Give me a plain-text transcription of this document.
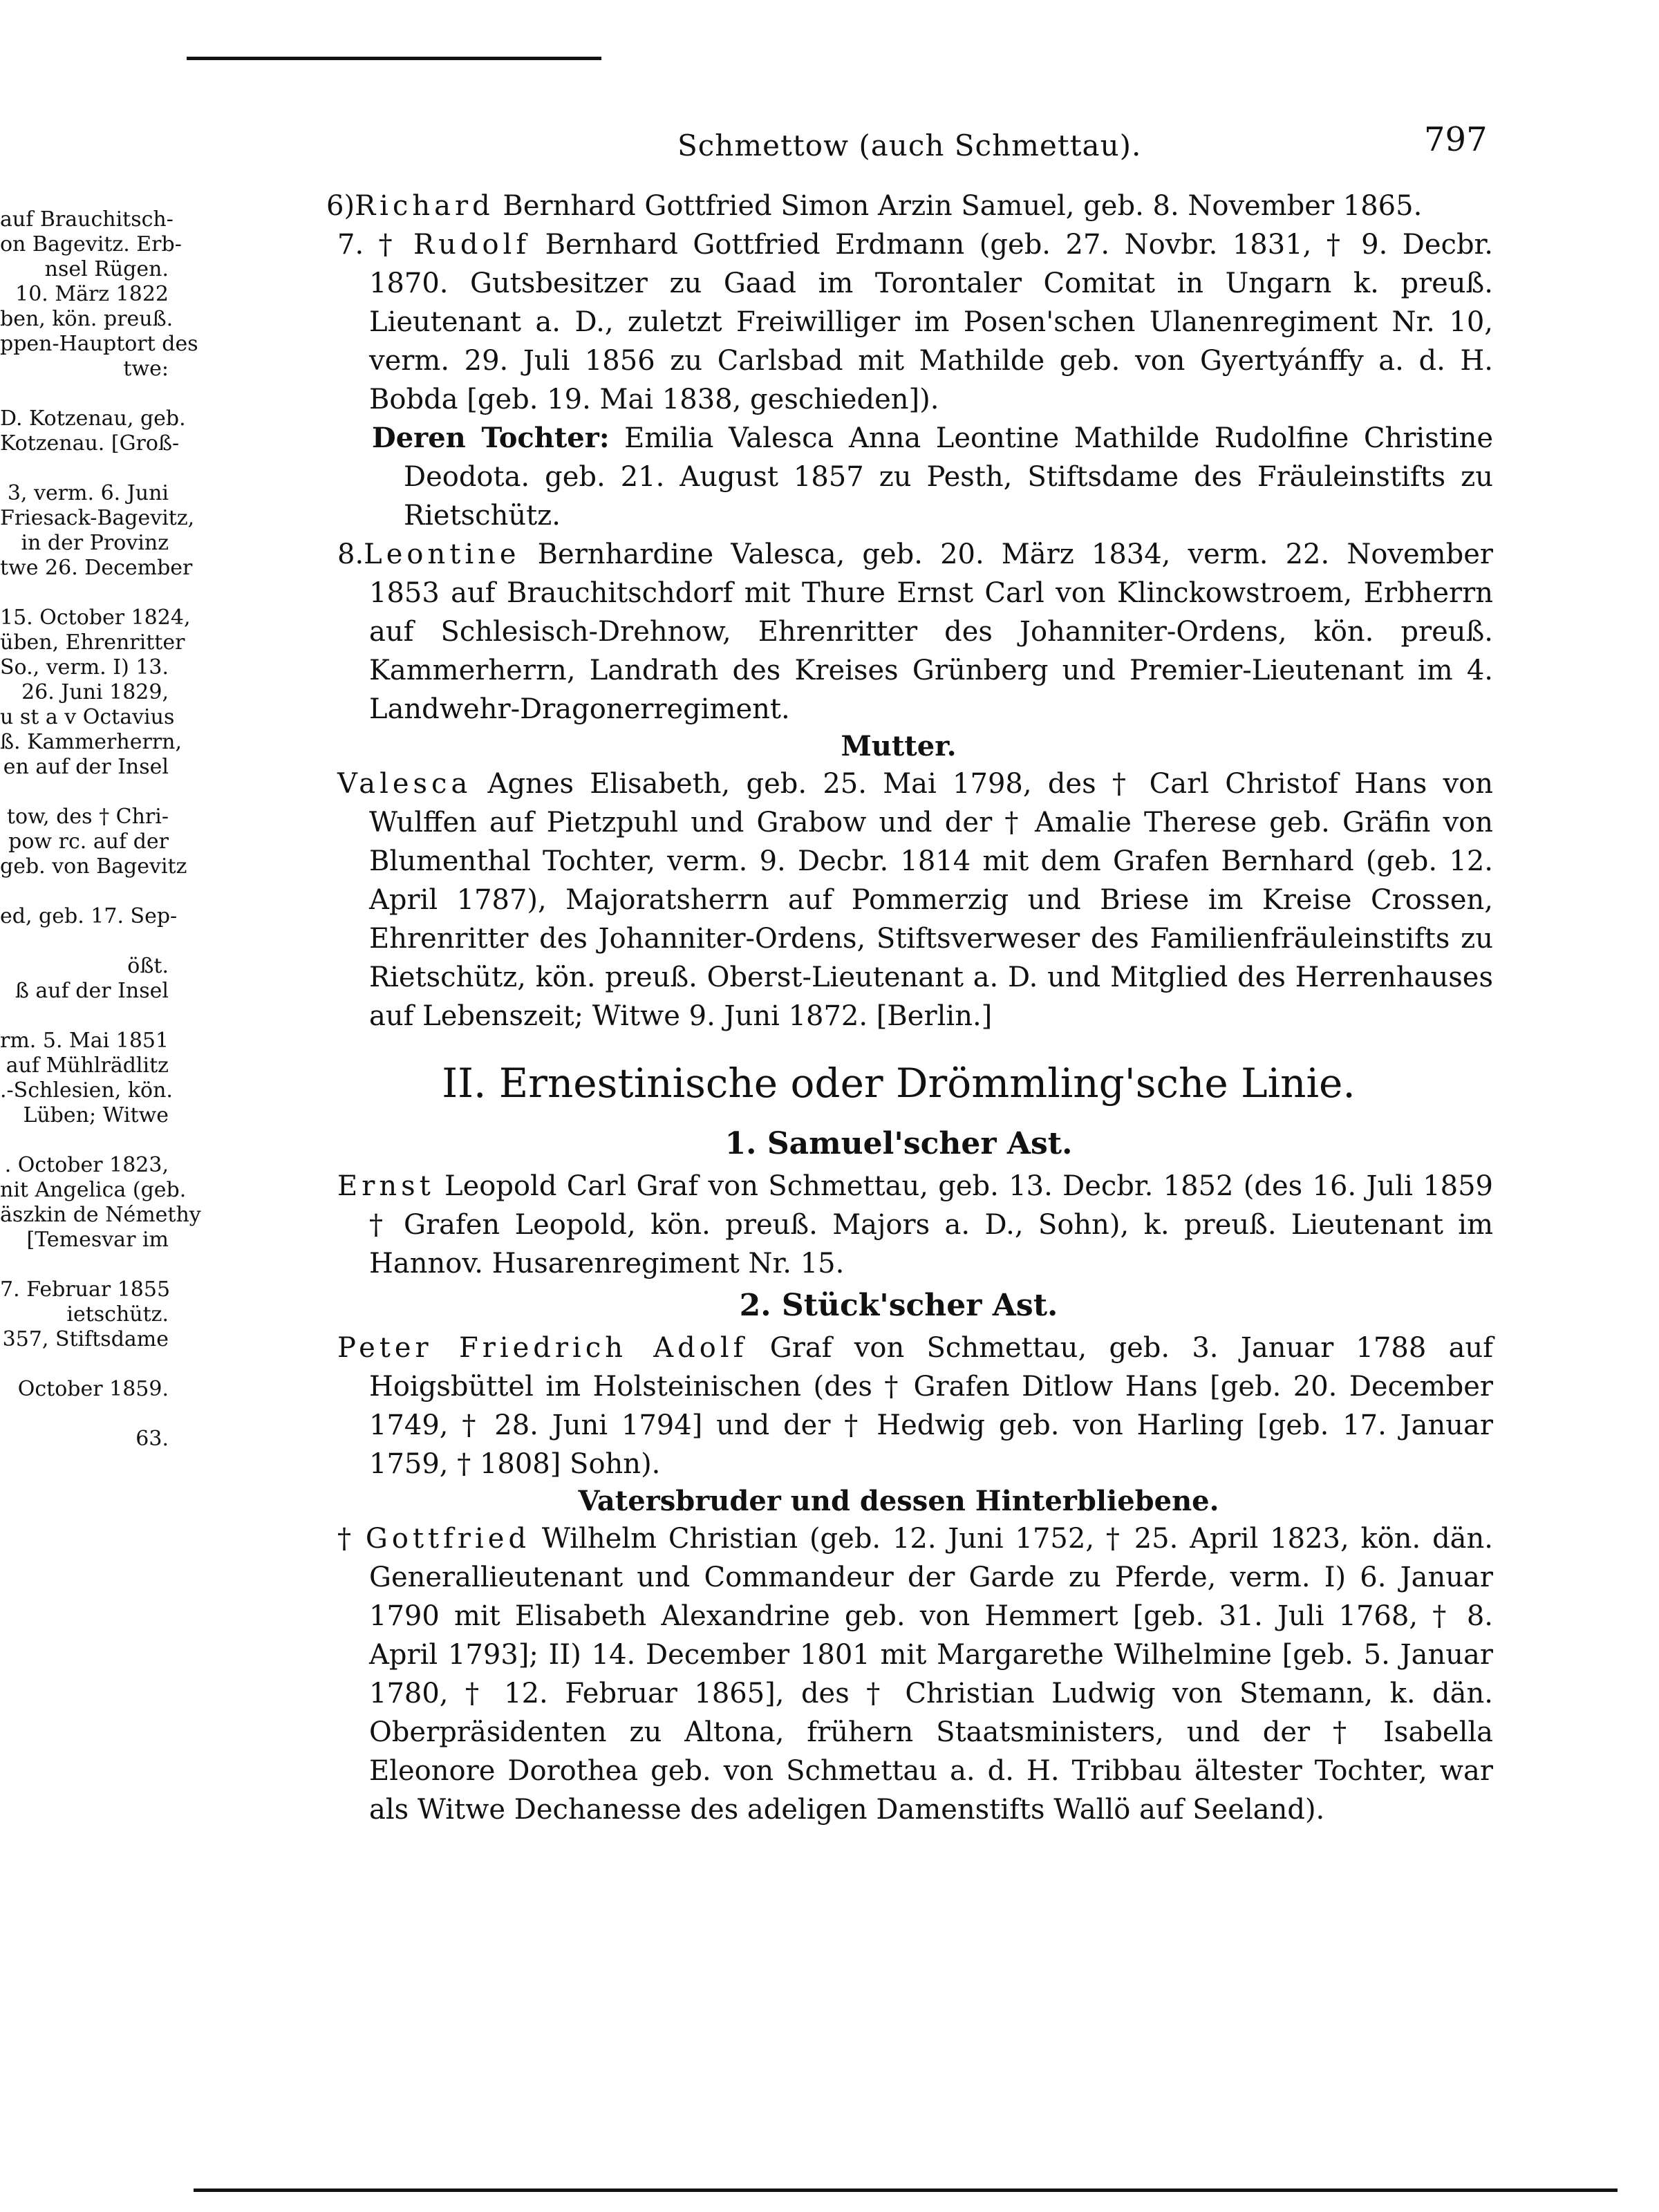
Schmettow (auch Schmettau).	797
auf Brauchitsch-
on Bagevitz. Erb-
nsel Rügen.
10. März 1822
ben, kön. preuß.
ppen-Hauptort des
twe:
D. Kotzenau, geb.
Kotzenau. [Groß-
3, verm. 6. Juni
Friesack-Bagevitz,
in der Provinz
twe 26. December
15. October 1824,
üben, Ehrenritter
So., verm. I) 13.
26. Juni 1829,
u st a v Octavius
ß. Kammerherrn,
en auf der Insel
tow, des † Chri-
pow rc. auf der
geb. von Bagevitz
ed, geb. 17. Sep-
ößt.
ß auf der Insel
rm. 5. Mai 1851
auf Mühlrädlitz
.-Schlesien, kön.
Lüben; Witwe
. October 1823,
nit Angelica (geb.
äszkin de Némethy
[Temesvar im
7. Februar 1855
ietschütz.
357, Stiftsdame
October 1859.
63.

6)Richard Bernhard Gottfried Simon Arzin Samuel, geb. 8. November 1865.

7. † Rudolf Bernhard Gottfried Erdmann (geb. 27. Novbr. 1831, † 9. Decbr. 1870. Gutsbesitzer zu Gaad im Torontaler Comitat in Ungarn k. preuß. Lieutenant a. D., zuletzt Freiwilliger im Posen'schen Ulanenregiment Nr. 10, verm. 29. Juli 1856 zu Carlsbad mit Mathilde geb. von Gyertyánffy a. d. H. Bobda [geb. 19. Mai 1838, geschieden]).

Deren Tochter: Emilia Valesca Anna Leontine Mathilde Rudolfine Christine Deodota. geb. 21. August 1857 zu Pesth, Stiftsdame des Fräuleinstifts zu Rietschütz.

8.Leontine Bernhardine Valesca, geb. 20. März 1834, verm. 22. November 1853 auf Brauchitschdorf mit Thure Ernst Carl von Klinckowstroem, Erbherrn auf Schlesisch-Drehnow, Ehrenritter des Johanniter-Ordens, kön. preuß. Kammerherrn, Landrath des Kreises Grünberg und Premier-Lieutenant im 4. Landwehr-Dragonerregiment.

Mutter.

Valesca Agnes Elisabeth, geb. 25. Mai 1798, des † Carl Christof Hans von Wulffen auf Pietzpuhl und Grabow und der † Amalie Therese geb. Gräfin von Blumenthal Tochter, verm. 9. Decbr. 1814 mit dem Grafen Bernhard (geb. 12. April 1787), Majoratsherrn auf Pommerzig und Briese im Kreise Crossen, Ehrenritter des Johanniter-Ordens, Stiftsverweser des Familienfräuleinstifts zu Rietschütz, kön. preuß. Oberst-Lieutenant a. D. und Mitglied des Herrenhauses auf Lebenszeit; Witwe 9. Juni 1872. [Berlin.]

II. Ernestinische oder Drömmling'sche Linie.

1. Samuel'scher Ast.

Ernst Leopold Carl Graf von Schmettau, geb. 13. Decbr. 1852 (des 16. Juli 1859 † Grafen Leopold, kön. preuß. Majors a. D., Sohn), k. preuß. Lieutenant im Hannov. Husarenregiment Nr. 15.

2. Stück'scher Ast.

Peter Friedrich Adolf Graf von Schmettau, geb. 3. Januar 1788 auf Hoigsbüttel im Holsteinischen (des † Grafen Ditlow Hans [geb. 20. December 1749, † 28. Juni 1794] und der † Hedwig geb. von Harling [geb. 17. Januar 1759, † 1808] Sohn).

Vatersbruder und dessen Hinterbliebene.

† Gottfried Wilhelm Christian (geb. 12. Juni 1752, † 25. April 1823, kön. dän. Generallieutenant und Commandeur der Garde zu Pferde, verm. I) 6. Januar 1790 mit Elisabeth Alexandrine geb. von Hemmert [geb. 31. Juli 1768, † 8. April 1793]; II) 14. December 1801 mit Margarethe Wilhelmine [geb. 5. Januar 1780, † 12. Februar 1865], des † Christian Ludwig von Stemann, k. dän. Oberpräsidenten zu Altona, frühern Staatsministers, und der † Isabella Eleonore Dorothea geb. von Schmettau a. d. H. Tribbau ältester Tochter, war als Witwe Dechanesse des adeligen Damenstifts Wallö auf Seeland).
